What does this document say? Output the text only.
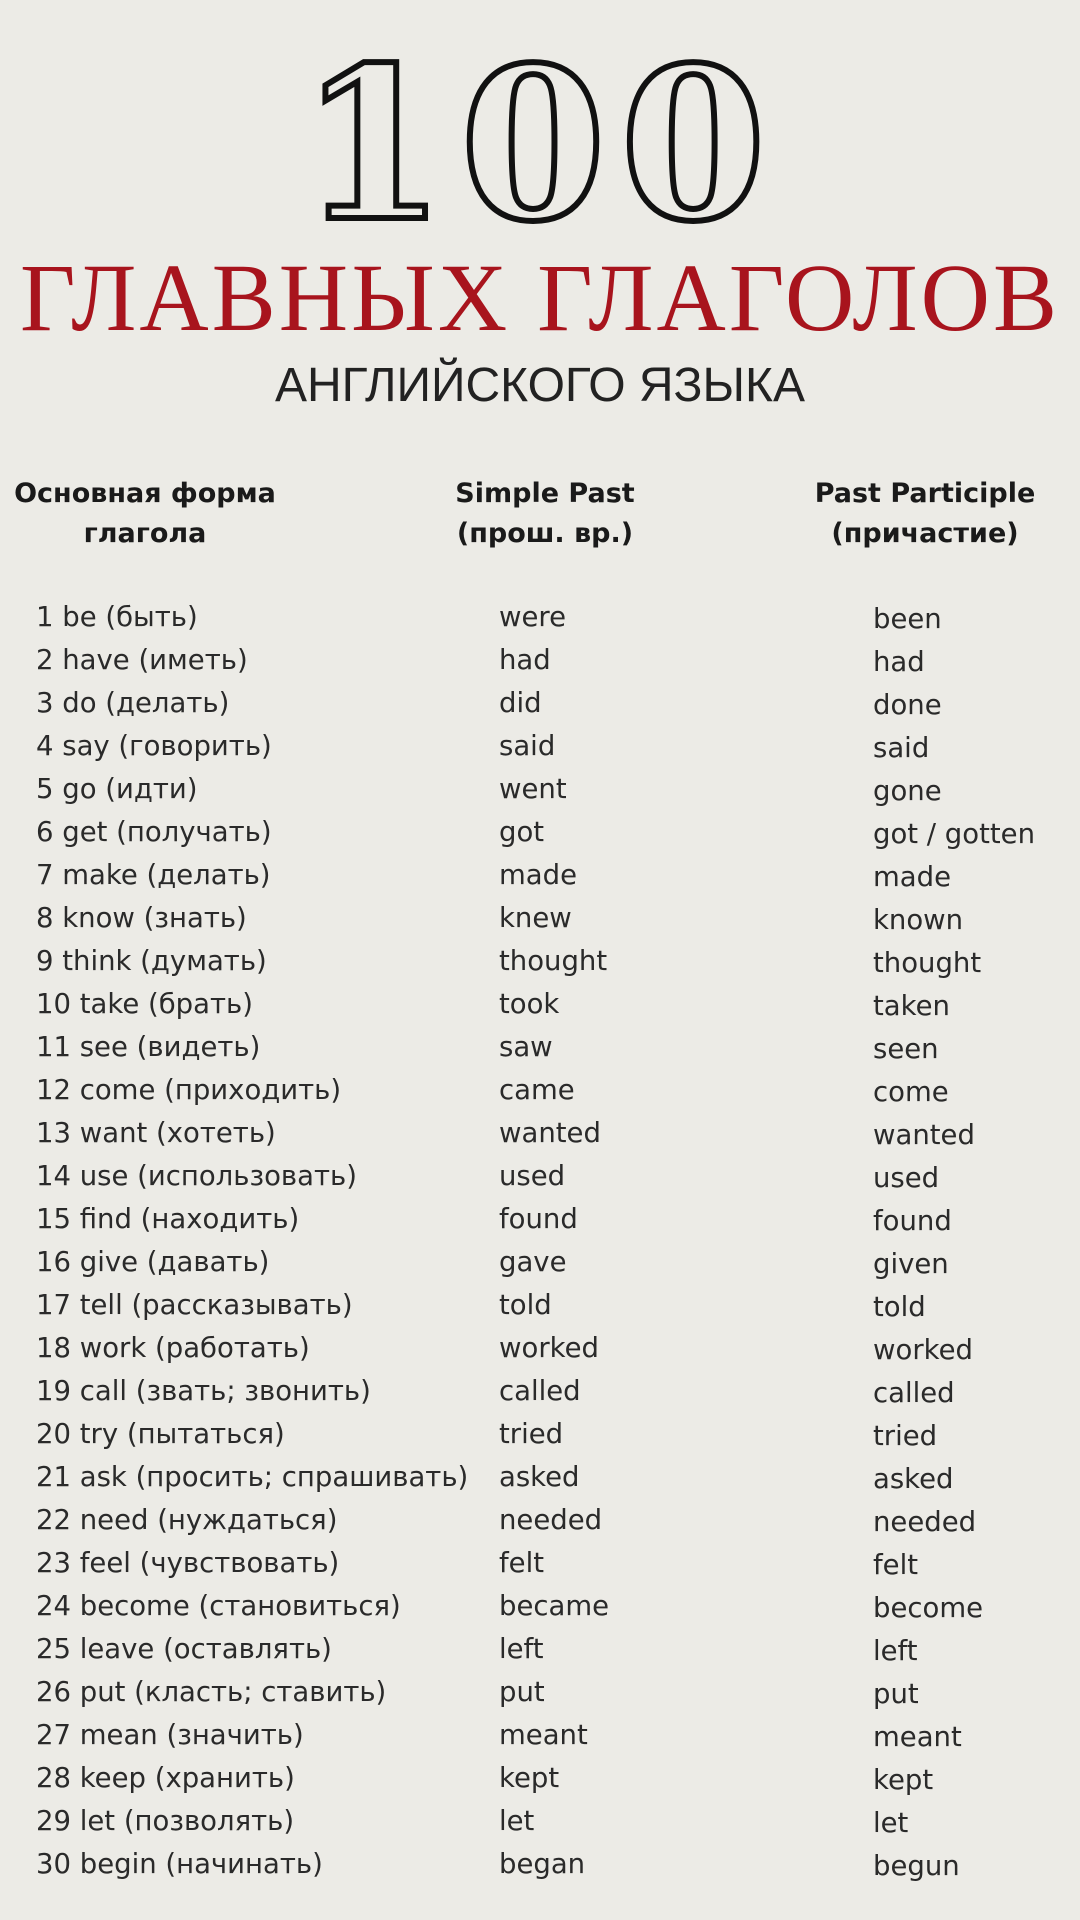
100
ГЛАВНЫХ ГЛАГОЛОВ
АНГЛИЙСКОГО ЯЗЫКА
Основная форма
глагола
Simple Past
(прош. вр.)
Past Participle
(причастие)
1 be (быть)	were	been
2 have (иметь)	had	had
3 do (делать)	did	done
4 say (говорить)	said	said
5 go (идти)	went	gone
6 get (получать)	got	got / gotten
7 make (делать)	made	made
8 know (знать)	knew	known
9 think (думать)	thought	thought
10 take (брать)	took	taken
11 see (видеть)	saw	seen
12 come (приходить)	came	come
13 want (хотеть)	wanted	wanted
14 use (использовать)	used	used
15 find (находить)	found	found
16 give (давать)	gave	given
17 tell (рассказывать)	told	told
18 work (работать)	worked	worked
19 call (звать; звонить)	called	called
20 try (пытаться)	tried	tried
21 ask (просить; спрашивать) asked	asked
22 need (нуждаться)	needed	needed
23 feel (чувствовать)	felt	felt
24 become (становиться)	became	become
25 leave (оставлять)	left	left
26 put (класть; ставить)	put	put
27 mean (значить)	meant	meant
28 keep (хранить)	kept	kept
29 let (позволять)	let	let
30 begin (начинать)	began	begun
